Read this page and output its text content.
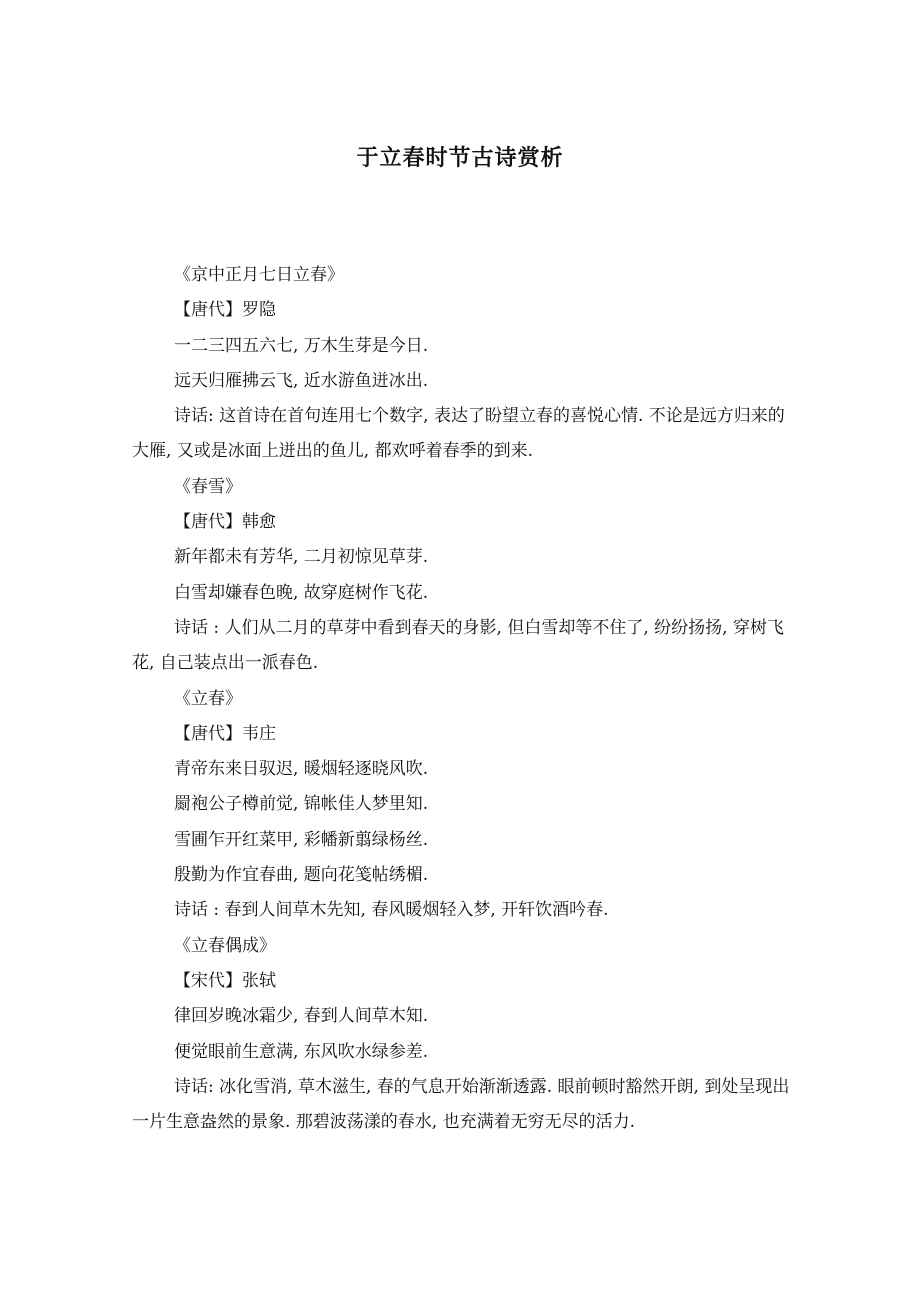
于立春时节古诗赏析
《京中正月七日立春》
【唐代】罗隐
一二三四五六七, 万木生芽是今日.
远天归雁拂云飞, 近水游鱼迸冰出.
诗话: 这首诗在首句连用七个数字, 表达了盼望立春的喜悦心情. 不论是远方归来的大雁, 又或是冰面上迸出的鱼儿, 都欢呼着春季的到来.
《春雪》
【唐代】韩愈
新年都未有芳华, 二月初惊见草芽.
白雪却嫌春色晚, 故穿庭树作飞花.
诗话 : 人们从二月的草芽中看到春天的身影, 但白雪却等不住了, 纷纷扬扬, 穿树飞花, 自己装点出一派春色.
《立春》
【唐代】韦庄
青帝东来日驭迟, 暖烟轻逐晓风吹.
罽袍公子樽前觉, 锦帐佳人梦里知.
雪圃乍开红菜甲, 彩幡新翦绿杨丝.
殷勤为作宜春曲, 题向花笺帖绣楣.
诗话 : 春到人间草木先知, 春风暖烟轻入梦, 开轩饮酒吟春.
《立春偶成》
【宋代】张轼
律回岁晚冰霜少, 春到人间草木知.
便觉眼前生意满, 东风吹水绿参差.
诗话: 冰化雪消, 草木滋生, 春的气息开始渐渐透露. 眼前顿时豁然开朗, 到处呈现出一片生意盎然的景象. 那碧波荡漾的春水, 也充满着无穷无尽的活力.
